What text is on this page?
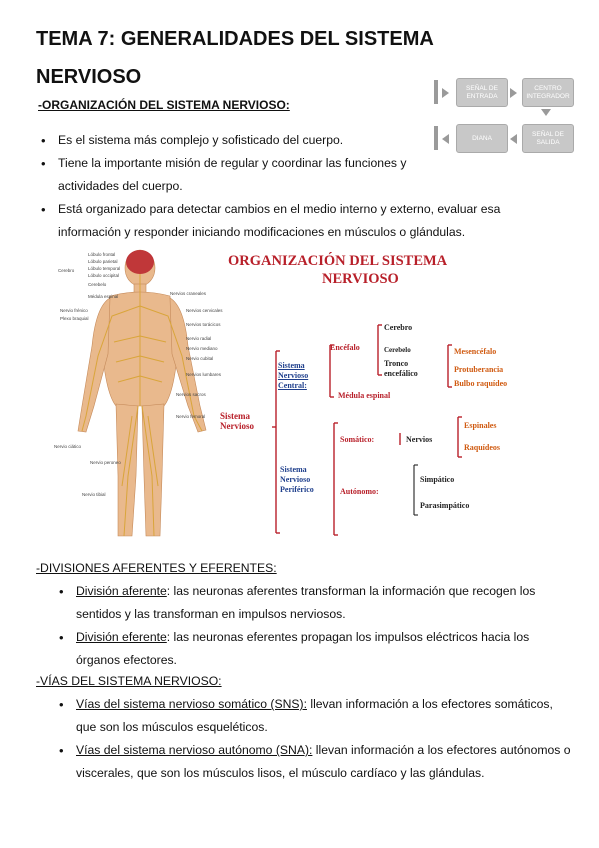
TEMA 7: GENERALIDADES DEL SISTEMA NERVIOSO	SEÑAL DE ENTRADA
CENTRO INTEGRADOR
SEÑAL DE SALIDA
DIANA
-ORGANIZACIÓN DEL SISTEMA NERVIOSO:
• Es el sistema más complejo y sofisticado del cuerpo.
• Tiene la importante misión de regular y coordinar las funciones y actividades del cuerpo.
• Está organizado para detectar cambios en el medio interno y externo, evaluar esa información y responder iniciando modificaciones en músculos o glándulas.
Cerebro
Lóbulo frontal
Lóbulo parietal
Lóbulo temporal
Lóbulo occipital
Cerebelo
Médula espinal
Nervio frénico
Plexo braquial
Nervio radial
Nervio mediano
Nervio cubital
Nervio ciático
Nervio tibial
Nervios craneales
Nervios cervicales
Nervios torácicos
Nervios lumbares
Nervios sacros
Nervio femoral
Nervio peroneo
ORGANIZACIÓN DEL SISTEMA
NERVIOSO
Sistema Nervioso
Sistema Nervioso Central:
Encéfalo
Cerebro
Cerebelo
Tronco encefálico
Mesencéfalo
Protuberancia
Bulbo raquídeo
Médula espinal
Sistema Nervioso Periférico
Somático:	Nervios
Espinales
Raquídeos
Autónomo:
Simpático
Parasimpático
-DIVISIONES AFERENTES Y EFERENTES:
• División aferente: las neuronas aferentes transforman la información que recogen los sentidos y las transforman en impulsos nerviosos.
• División eferente: las neuronas eferentes propagan los impulsos eléctricos hacia los órganos efectores.
-VÍAS DEL SISTEMA NERVIOSO:
• Vías del sistema nervioso somático (SNS): llevan información a los efectores somáticos, que son los músculos esqueléticos.
• Vías del sistema nervioso autónomo (SNA): llevan información a los efectores autónomos o viscerales, que son los músculos lisos, el músculo cardíaco y las glándulas.
